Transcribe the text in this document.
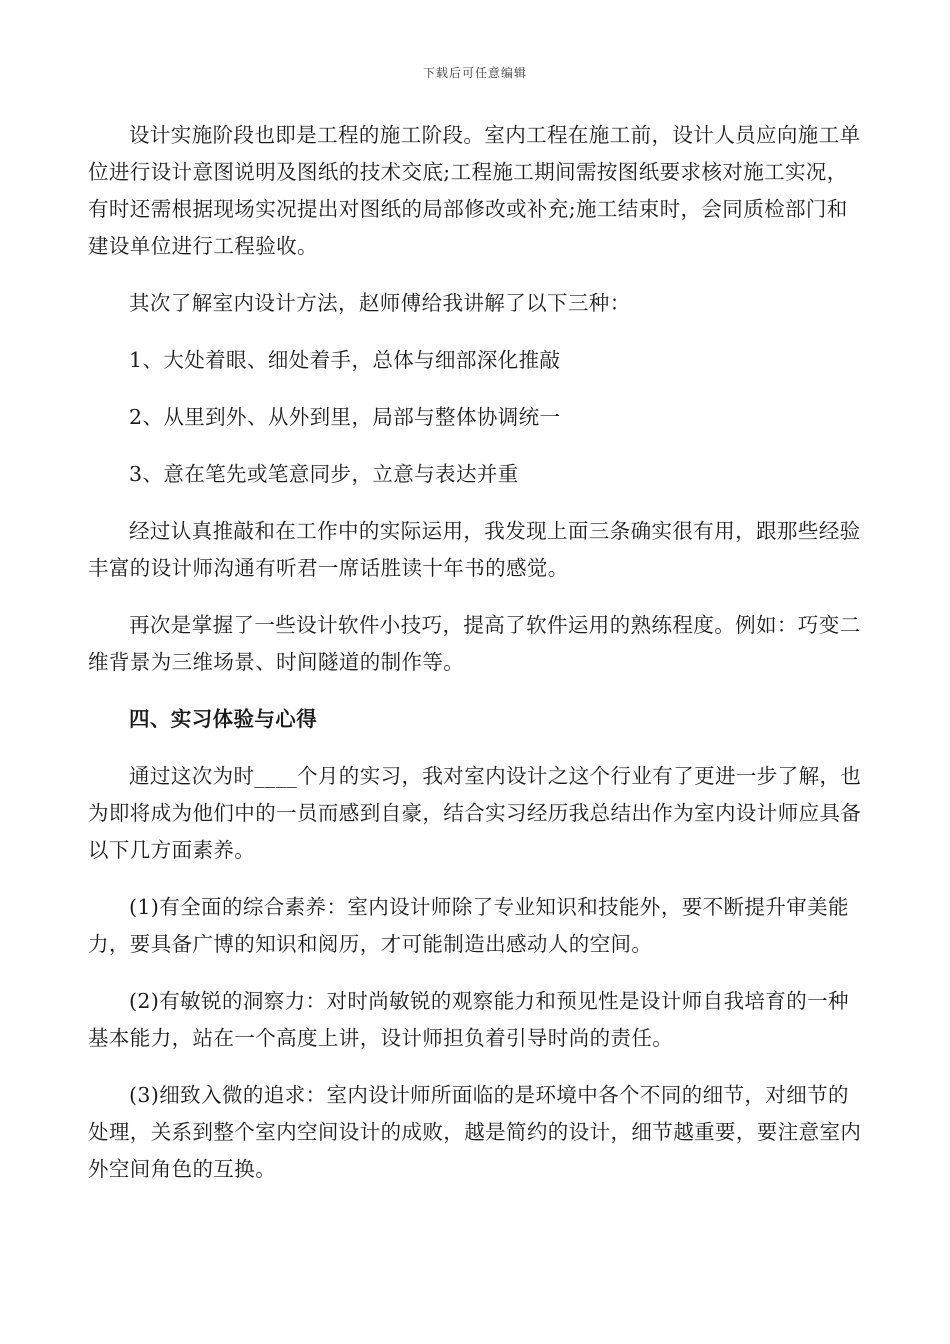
下载后可任意编辑

设计实施阶段也即是工程的施工阶段。室内工程在施工前，设计人员应向施工单位进行设计意图说明及图纸的技术交底;工程施工期间需按图纸要求核对施工实况，有时还需根据现场实况提出对图纸的局部修改或补充;施工结束时，会同质检部门和建设单位进行工程验收。

其次了解室内设计方法，赵师傅给我讲解了以下三种：

1、大处着眼、细处着手，总体与细部深化推敲

2、从里到外、从外到里，局部与整体协调统一

3、意在笔先或笔意同步，立意与表达并重

经过认真推敲和在工作中的实际运用，我发现上面三条确实很有用，跟那些经验丰富的设计师沟通有听君一席话胜读十年书的感觉。

再次是掌握了一些设计软件小技巧，提高了软件运用的熟练程度。例如：巧变二维背景为三维场景、时间隧道的制作等。

四、实习体验与心得

通过这次为时____个月的实习，我对室内设计之这个行业有了更进一步了解，也为即将成为他们中的一员而感到自豪，结合实习经历我总结出作为室内设计师应具备以下几方面素养。

(1)有全面的综合素养：室内设计师除了专业知识和技能外，要不断提升审美能力，要具备广博的知识和阅历，才可能制造出感动人的空间。

(2)有敏锐的洞察力：对时尚敏锐的观察能力和预见性是设计师自我培育的一种基本能力，站在一个高度上讲，设计师担负着引导时尚的责任。

(3)细致入微的追求：室内设计师所面临的是环境中各个不同的细节，对细节的处理，关系到整个室内空间设计的成败，越是简约的设计，细节越重要，要注意室内外空间角色的互换。
